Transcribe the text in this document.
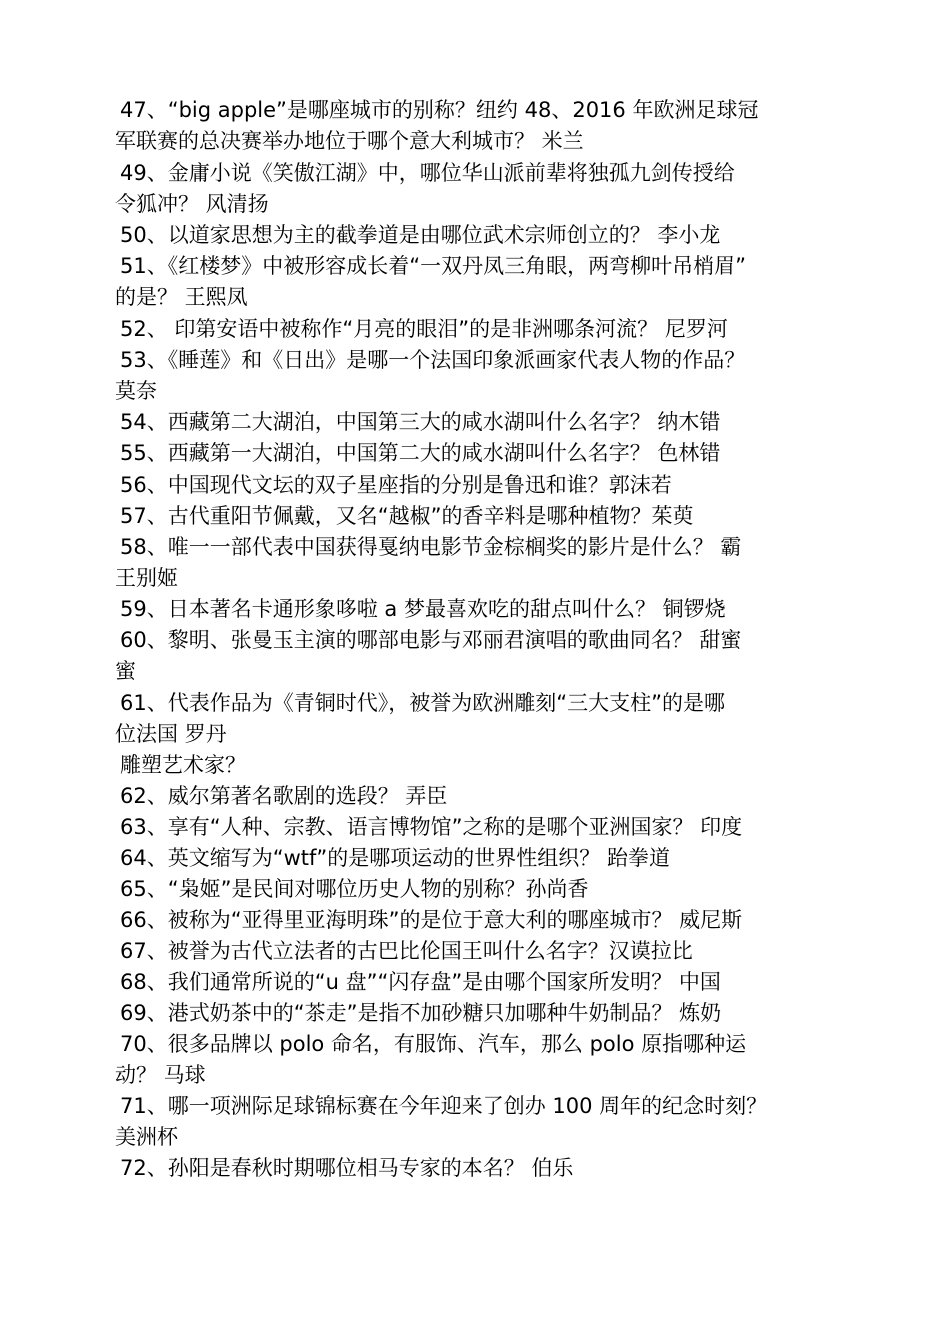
47、“big apple”是哪座城市的别称？纽约 48、2016 年欧洲足球冠
军联赛的总决赛举办地位于哪个意大利城市？ 米兰
49、金庸小说《笑傲江湖》中，哪位华山派前辈将独孤九剑传授给
令狐冲？ 风清扬
50、以道家思想为主的截拳道是由哪位武术宗师创立的？ 李小龙
51、《红楼梦》中被形容成长着“一双丹凤三角眼，两弯柳叶吊梢眉”
的是？ 王熙凤
52、 印第安语中被称作“月亮的眼泪”的是非洲哪条河流？ 尼罗河
53、《睡莲》和《日出》是哪一个法国印象派画家代表人物的作品？
莫奈
54、西藏第二大湖泊，中国第三大的咸水湖叫什么名字？ 纳木错
55、西藏第一大湖泊，中国第二大的咸水湖叫什么名字？ 色林错
56、中国现代文坛的双子星座指的分别是鲁迅和谁？郭沫若
57、古代重阳节佩戴，又名“越椒”的香辛料是哪种植物？茱萸
58、唯一一部代表中国获得戛纳电影节金棕榈奖的影片是什么？ 霸
王别姬
59、日本著名卡通形象哆啦 a 梦最喜欢吃的甜点叫什么？ 铜锣烧
60、黎明、张曼玉主演的哪部电影与邓丽君演唱的歌曲同名？ 甜蜜
蜜
61、代表作品为《青铜时代》，被誉为欧洲雕刻“三大支柱”的是哪
位法国 罗丹
雕塑艺术家？
62、威尔第著名歌剧的选段？ 弄臣
63、享有“人种、宗教、语言博物馆”之称的是哪个亚洲国家？ 印度
64、英文缩写为“wtf”的是哪项运动的世界性组织？ 跆拳道
65、“枭姬”是民间对哪位历史人物的别称？孙尚香
66、被称为“亚得里亚海明珠”的是位于意大利的哪座城市？ 威尼斯
67、被誉为古代立法者的古巴比伦国王叫什么名字？汉谟拉比
68、我们通常所说的“u 盘”“闪存盘”是由哪个国家所发明？ 中国
69、港式奶茶中的“茶走”是指不加砂糖只加哪种牛奶制品？ 炼奶
70、很多品牌以 polo 命名，有服饰、汽车，那么 polo 原指哪种运
动？ 马球
71、哪一项洲际足球锦标赛在今年迎来了创办 100 周年的纪念时刻？
美洲杯
72、孙阳是春秋时期哪位相马专家的本名？ 伯乐
